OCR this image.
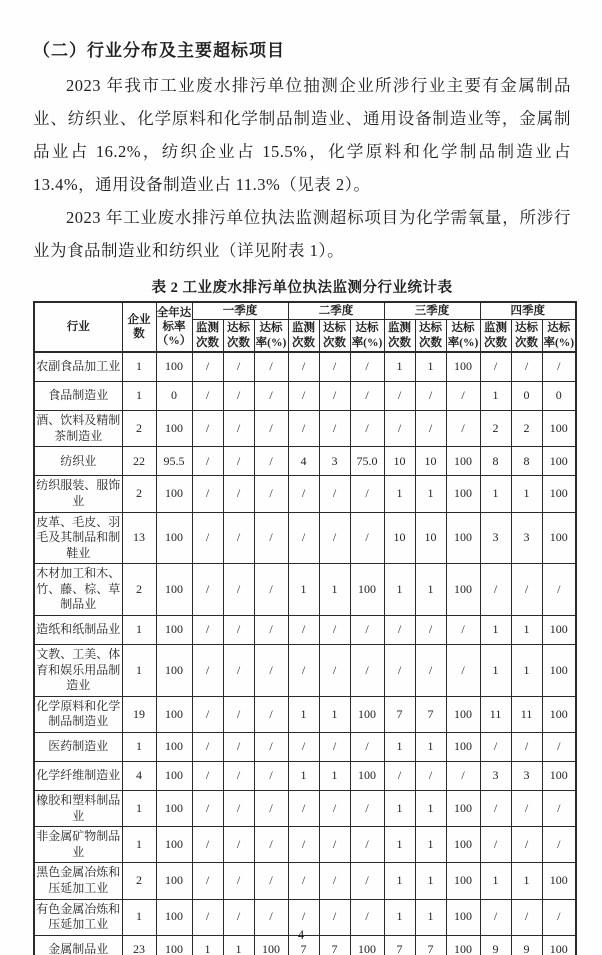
（二）行业分布及主要超标项目

2023 年我市工业废水排污单位抽测企业所涉行业主要有金属制品业、纺织业、化学原料和化学制品制造业、通用设备制造业等，金属制品业占 16.2%，纺织企业占 15.5%，化学原料和化学制品制造业占 13.4%，通用设备制造业占 11.3%（见表 2）。

2023 年工业废水排污单位执法监测超标项目为化学需氧量，所涉行业为食品制造业和纺织业（详见附表 1）。

表 2 工业废水排污单位执法监测分行业统计表
行业	企业数	全年达标率（%）	一季度			二季度			三季度			四季度		
			监测次数	达标次数	达标率(%)	监测次数	达标次数	达标率(%)	监测次数	达标次数	达标率(%)	监测次数	达标次数	达标率(%)
农副食品加工业	1	100	/	/	/	/	/	/	1	1	100	/	/	/
食品制造业	1	0	/	/	/	/	/	/	/	/	/	1	0	0
酒、饮料及精制茶制造业	2	100	/	/	/	/	/	/	/	/	/	2	2	100
纺织业	22	95.5	/	/	/	4	3	75.0	10	10	100	8	8	100
纺织服装、服饰业	2	100	/	/	/	/	/	/	1	1	100	1	1	100
皮革、毛皮、羽毛及其制品和制鞋业	13	100	/	/	/	/	/	/	10	10	100	3	3	100
木材加工和木、竹、藤、棕、草制品业	2	100	/	/	/	1	1	100	1	1	100	/	/	/
造纸和纸制品业	1	100	/	/	/	/	/	/	/	/	/	1	1	100
文教、工美、体育和娱乐用品制造业	1	100	/	/	/	/	/	/	/	/	/	1	1	100
化学原料和化学制品制造业	19	100	/	/	/	1	1	100	7	7	100	11	11	100
医药制造业	1	100	/	/	/	/	/	/	1	1	100	/	/	/
化学纤维制造业	4	100	/	/	/	1	1	100	/	/	/	3	3	100
橡胶和塑料制品业	1	100	/	/	/	/	/	/	1	1	100	/	/	/
非金属矿物制品业	1	100	/	/	/	/	/	/	1	1	100	/	/	/
黑色金属冶炼和压延加工业	2	100	/	/	/	/	/	/	1	1	100	1	1	100
有色金属冶炼和压延加工业	1	100	/	/	/	/	/	/	1	1	100	/	/	/
金属制品业	23	100	1	1	100	7	7	100	7	7	100	9	9	100
4
